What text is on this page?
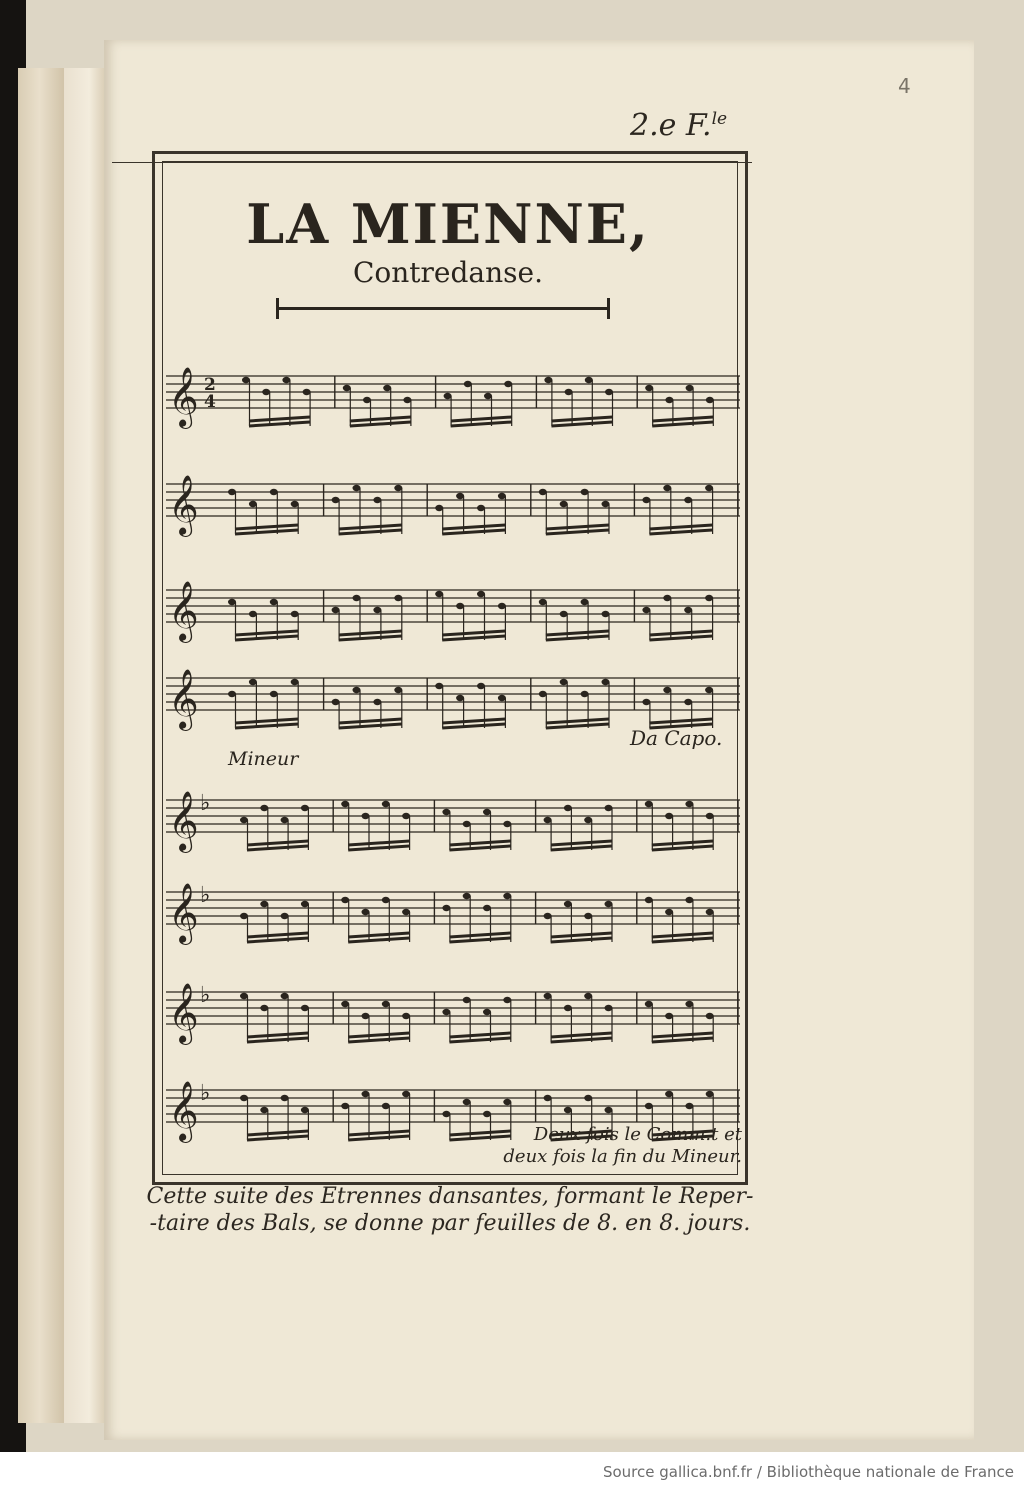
4
2.e F.$^{le}$
LA MIENNE,
Contredanse.
𝄞 2
4
𝄞
𝄞
𝄞
𝄞 ♭
𝄞 ♭
𝄞 ♭
𝄞 ♭
Da Capo.
Mineur
Deux fois le Comm.t et
deux fois la fin du Mineur.
Cette suite des Etrennes dansantes, formant le Reper-
-taire des Bals, se donne par feuilles de 8. en 8. jours.
Source gallica.bnf.fr / Bibliothèque nationale de France
